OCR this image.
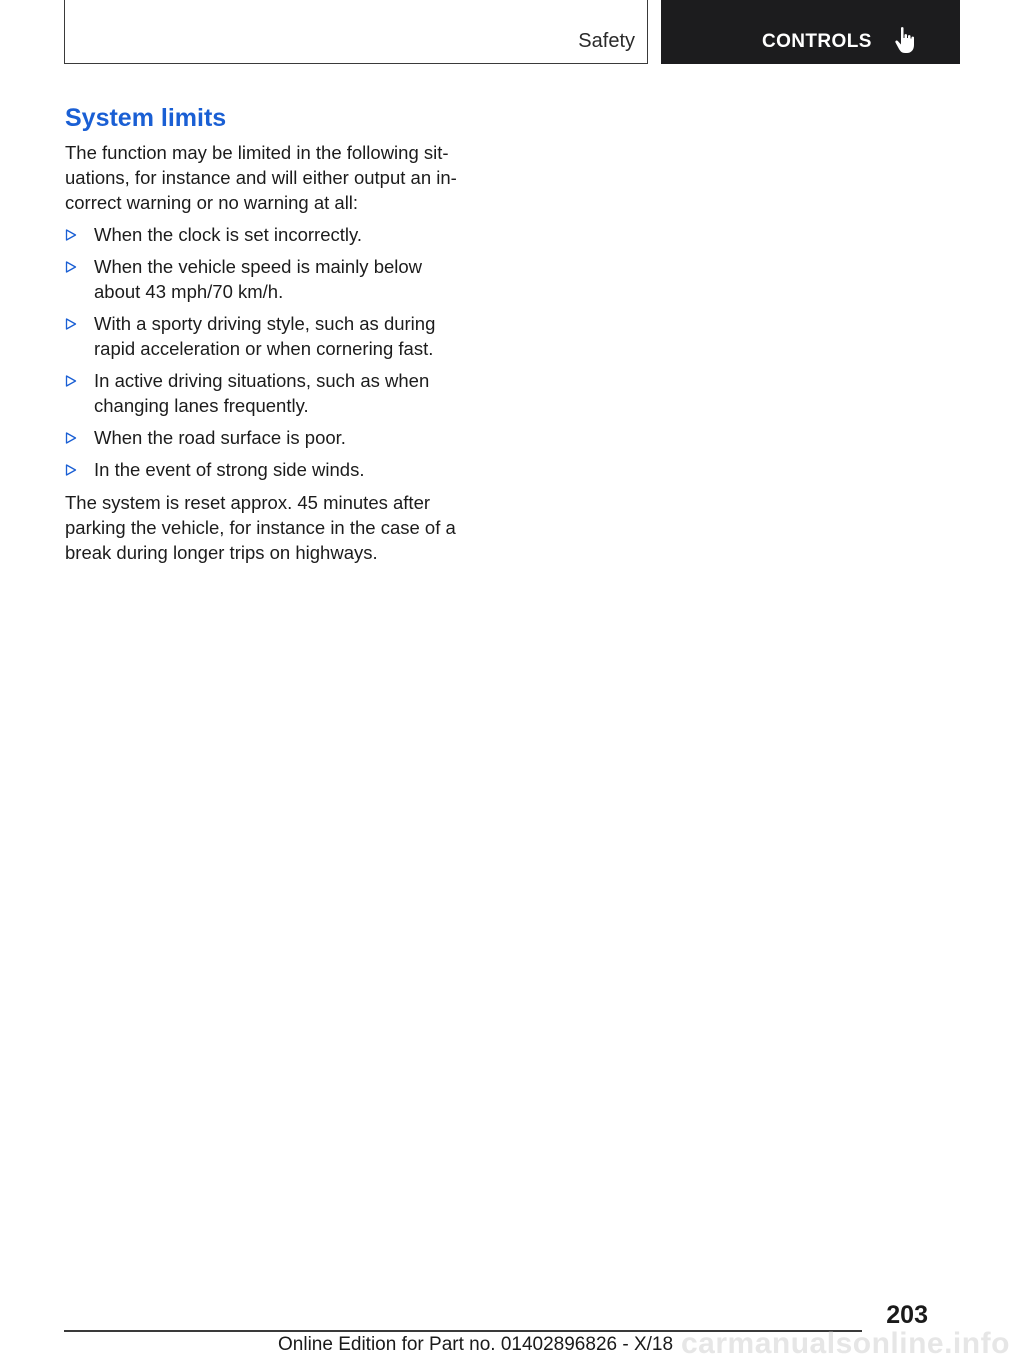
Safety	CONTROLS
System limits

The function may be limited in the following sit- uations, for instance and will either output an in- correct warning or no warning at all:

When the clock is set incorrectly.
When the vehicle speed is mainly below about 43 mph/70 km/h.
With a sporty driving style, such as during rapid acceleration or when cornering fast.
In active driving situations, such as when changing lanes frequently.
When the road surface is poor.
In the event of strong side winds.

The system is reset approx. 45 minutes after parking the vehicle, for instance in the case of a break during longer trips on highways.

203
Online Edition for Part no. 01402896826 - X/18 carmanualsonline.info
